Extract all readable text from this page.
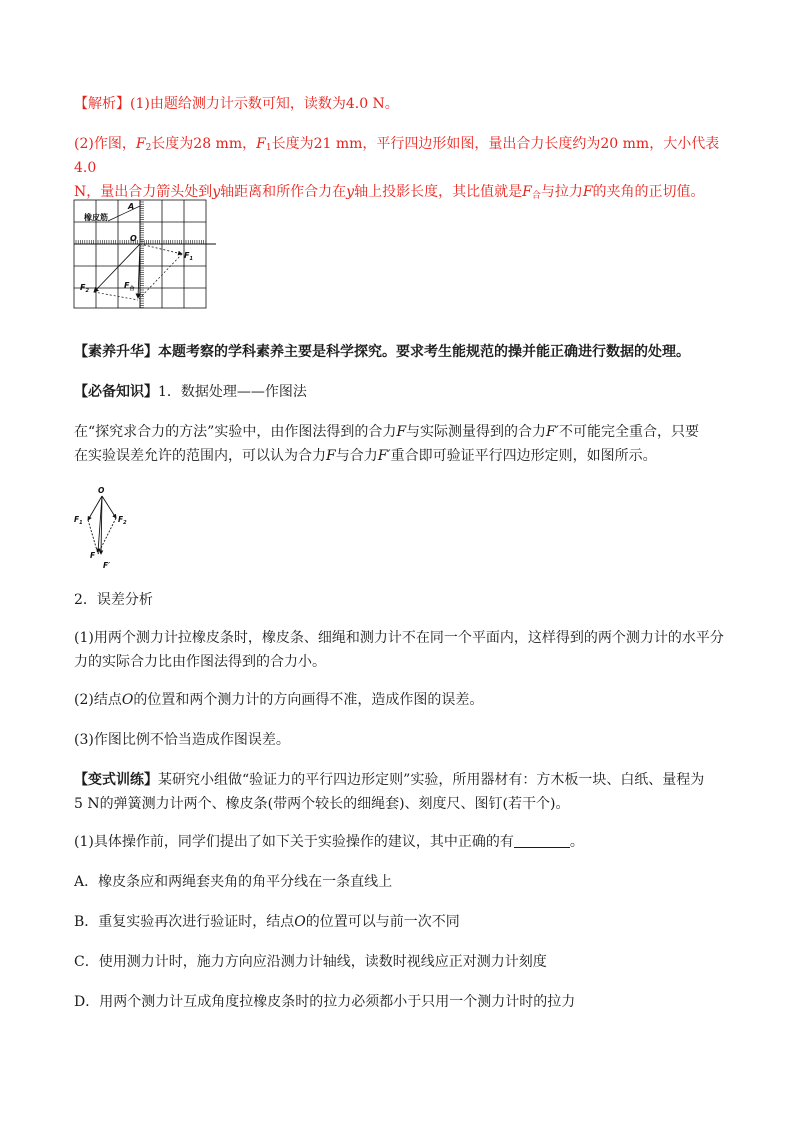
【解析】(1)由题给测力计示数可知，读数为4.0 N。

(2)作图，$F_2$长度为28 mm，$F_1$长度为21 mm，平行四边形如图，量出合力长度约为20 mm，大小代表4.0
N，量出合力箭头处到y轴距离和所作合力在y轴上投影长度，其比值就是$F_合$与拉力F的夹角的正切值。

橡皮筋
A
O
$F_1$
$F_2$
$F_合$

【素养升华】本题考察的学科素养主要是科学探究。要求考生能规范的操并能正确进行数据的处理。

【必备知识】1．数据处理——作图法

在“探究求合力的方法”实验中，由作图法得到的合力F与实际测量得到的合力F′不可能完全重合，只要
在实验误差允许的范围内，可以认为合力F与合力F′重合即可验证平行四边形定则，如图所示。

O
$F_1$	$F_2$
F
F′

2．误差分析

(1)用两个测力计拉橡皮条时，橡皮条、细绳和测力计不在同一个平面内，这样得到的两个测力计的水平分
力的实际合力比由作图法得到的合力小。

(2)结点O的位置和两个测力计的方向画得不准，造成作图的误差。

(3)作图比例不恰当造成作图误差。

【变式训练】某研究小组做“验证力的平行四边形定则”实验，所用器材有：方木板一块、白纸、量程为
5 N的弹簧测力计两个、橡皮条(带两个较长的细绳套)、刻度尺、图钉(若干个)。

(1)具体操作前，同学们提出了如下关于实验操作的建议，其中正确的有	。

A．橡皮条应和两绳套夹角的角平分线在一条直线上

B．重复实验再次进行验证时，结点O的位置可以与前一次不同

C．使用测力计时，施力方向应沿测力计轴线，读数时视线应正对测力计刻度

D．用两个测力计互成角度拉橡皮条时的拉力必须都小于只用一个测力计时的拉力
